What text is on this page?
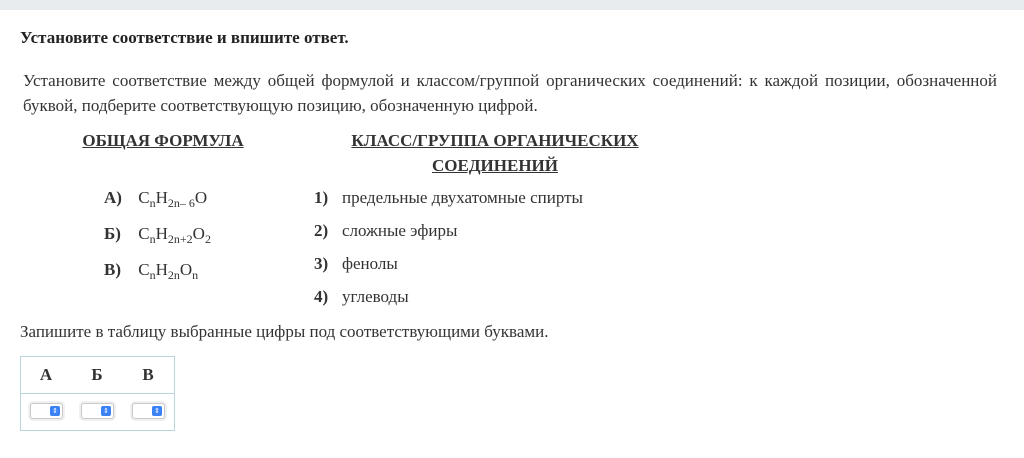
Установите соответствие и впишите ответ.
Установите соответствие между общей формулой и классом/группой органических соединений: к каждой позиции, обозначенной буквой, подберите соответствующую позицию, обозначенную цифрой.
ОБЩАЯ ФОРМУЛА	КЛАСС/ГРУППА ОРГАНИЧЕСКИХ
СОЕДИНЕНИЙ
А) $C_nH_{2n- 6}O$
Б) $C_nH_{2n+2}O_2$
В) $C_nH_{2n}O_n$
1) предельные двухатомные спирты
2) сложные эфиры
3) фенолы
4) углеводы
Запишите в таблицу выбранные цифры под соответствующими буквами.
А	Б	В
⇕	⇕	⇕
